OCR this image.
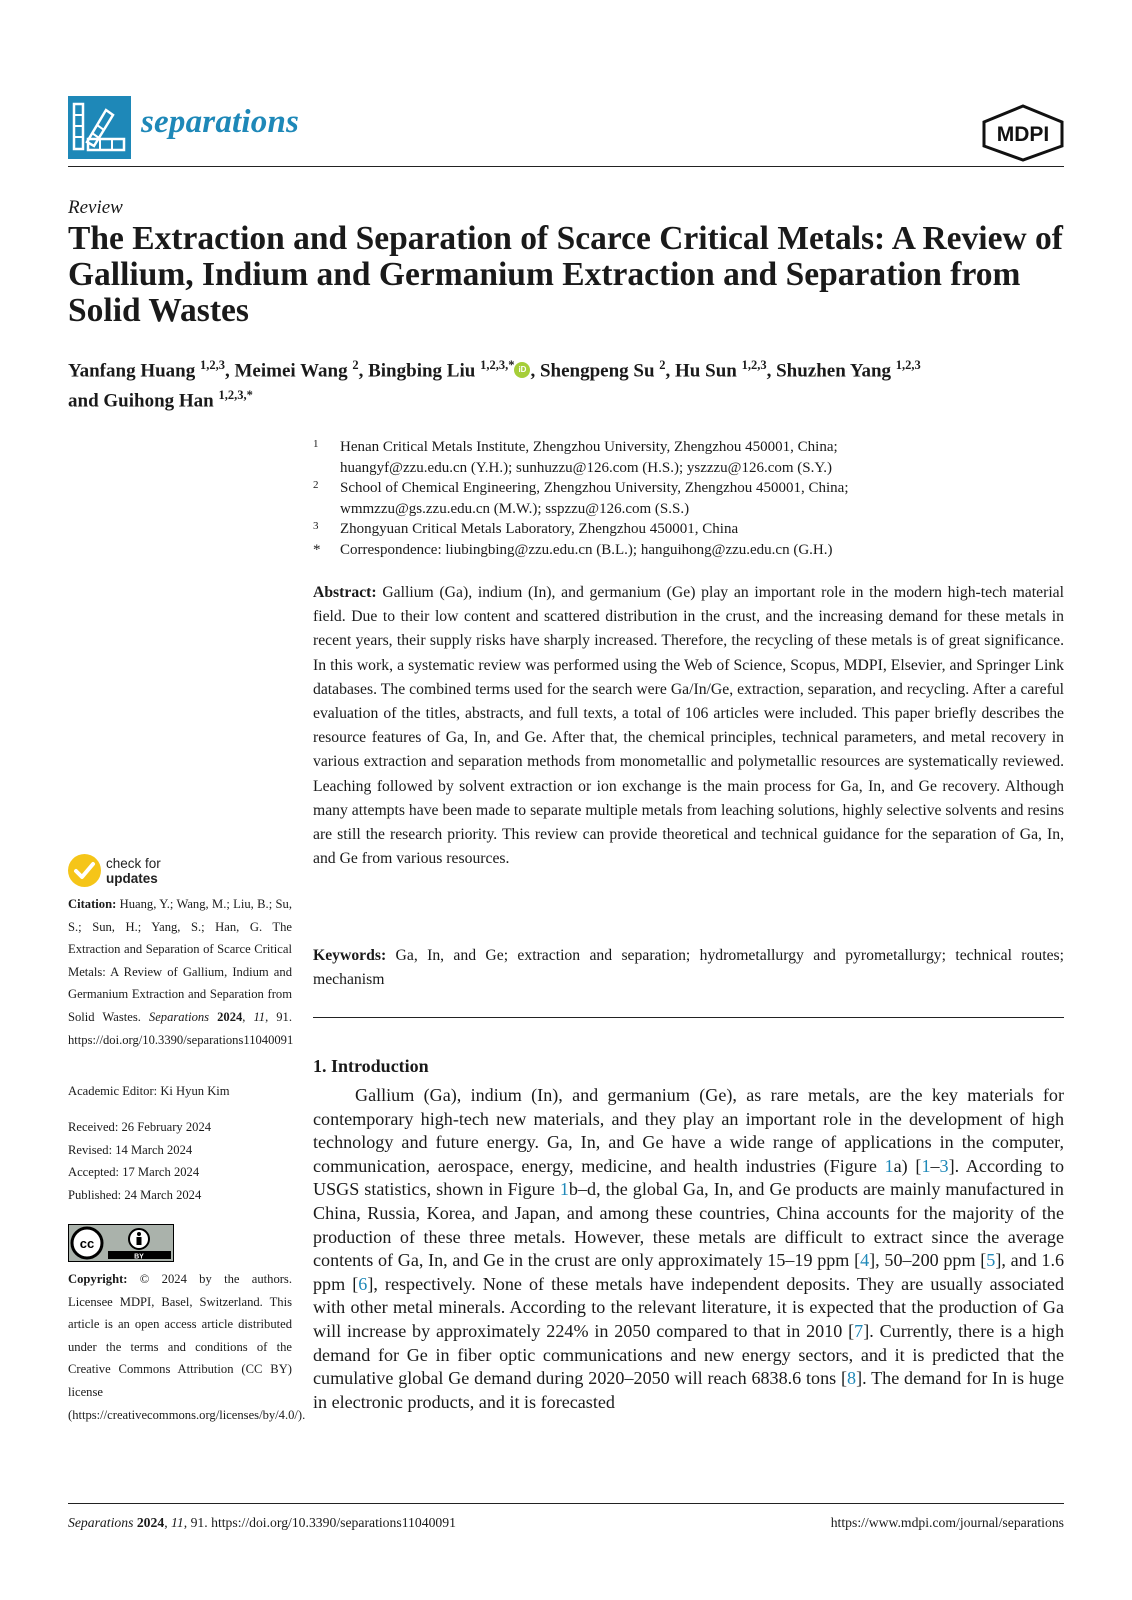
separations	MDPI
Review
The Extraction and Separation of Scarce Critical Metals: A Review of Gallium, Indium and Germanium Extraction and Separation from Solid Wastes
Yanfang Huang $^{1,2,3}$, Meimei Wang $^2$, Bingbing Liu $^{1,2,3,*}$ iD , Shengpeng Su $^2$, Hu Sun $^{1,2,3}$, Shuzhen Yang $^{1,2,3}$
and Guihong Han $^{1,2,3,*}$
1	Henan Critical Metals Institute, Zhengzhou University, Zhengzhou 450001, China;
huangyf@zzu.edu.cn (Y.H.); sunhuzzu@126.com (H.S.); yszzzu@126.com (S.Y.)
2	School of Chemical Engineering, Zhengzhou University, Zhengzhou 450001, China;
wmmzzu@gs.zzu.edu.cn (M.W.); sspzzu@126.com (S.S.)
3	Zhongyuan Critical Metals Laboratory, Zhengzhou 450001, China
*	Correspondence: liubingbing@zzu.edu.cn (B.L.); hanguihong@zzu.edu.cn (G.H.)
Abstract: Gallium (Ga), indium (In), and germanium (Ge) play an important role in the modern high-tech material field. Due to their low content and scattered distribution in the crust, and the increasing demand for these metals in recent years, their supply risks have sharply increased. Therefore, the recycling of these metals is of great significance. In this work, a systematic review was performed using the Web of Science, Scopus, MDPI, Elsevier, and Springer Link databases. The combined terms used for the search were Ga/In/Ge, extraction, separation, and recycling. After a careful evaluation of the titles, abstracts, and full texts, a total of 106 articles were included. This paper briefly describes the resource features of Ga, In, and Ge. After that, the chemical principles, technical parameters, and metal recovery in various extraction and separation methods from monometallic and polymetallic resources are systematically reviewed. Leaching followed by solvent extraction or ion exchange is the main process for Ga, In, and Ge recovery. Although many attempts have been made to separate multiple metals from leaching solutions, highly selective solvents and resins are still the research priority. This review can provide theoretical and technical guidance for the separation of Ga, In, and Ge from various resources.
Keywords: Ga, In, and Ge; extraction and separation; hydrometallurgy and pyrometallurgy; technical routes; mechanism
1. Introduction

Gallium (Ga), indium (In), and germanium (Ge), as rare metals, are the key materials for contemporary high-tech new materials, and they play an important role in the development of high technology and future energy. Ga, In, and Ge have a wide range of applications in the computer, communication, aerospace, energy, medicine, and health industries (Figure 1a) [1–3]. According to USGS statistics, shown in Figure 1b–d, the global Ga, In, and Ge products are mainly manufactured in China, Russia, Korea, and Japan, and among these countries, China accounts for the majority of the production of these three metals. However, these metals are difficult to extract since the average contents of Ga, In, and Ge in the crust are only approximately 15–19 ppm [4], 50–200 ppm [5], and 1.6 ppm [6], respectively. None of these metals have independent deposits. They are usually associated with other metal minerals. According to the relevant literature, it is expected that the production of Ga will increase by approximately 224% in 2050 compared to that in 2010 [7]. Currently, there is a high demand for Ge in fiber optic communications and new energy sectors, and it is predicted that the cumulative global Ge demand during 2020–2050 will reach 6838.6 tons [8]. The demand for In is huge in electronic products, and it is forecasted

check for
updates
Citation: Huang, Y.; Wang, M.; Liu, B.; Su, S.; Sun, H.; Yang, S.; Han, G. The Extraction and Separation of Scarce Critical Metals: A Review of Gallium, Indium and Germanium Extraction and Separation from Solid Wastes. Separations 2024, 11, 91. https://doi.org/10.3390/separations11040091
Academic Editor: Ki Hyun Kim
Received: 26 February 2024
Revised: 14 March 2024
Accepted: 17 March 2024
Published: 24 March 2024
cc
BY
Copyright: © 2024 by the authors. Licensee MDPI, Basel, Switzerland. This article is an open access article distributed under the terms and conditions of the Creative Commons Attribution (CC BY) license (https://creativecommons.org/licenses/by/4.0/).
Separations 2024, 11, 91. https://doi.org/10.3390/separations11040091	https://www.mdpi.com/journal/separations
